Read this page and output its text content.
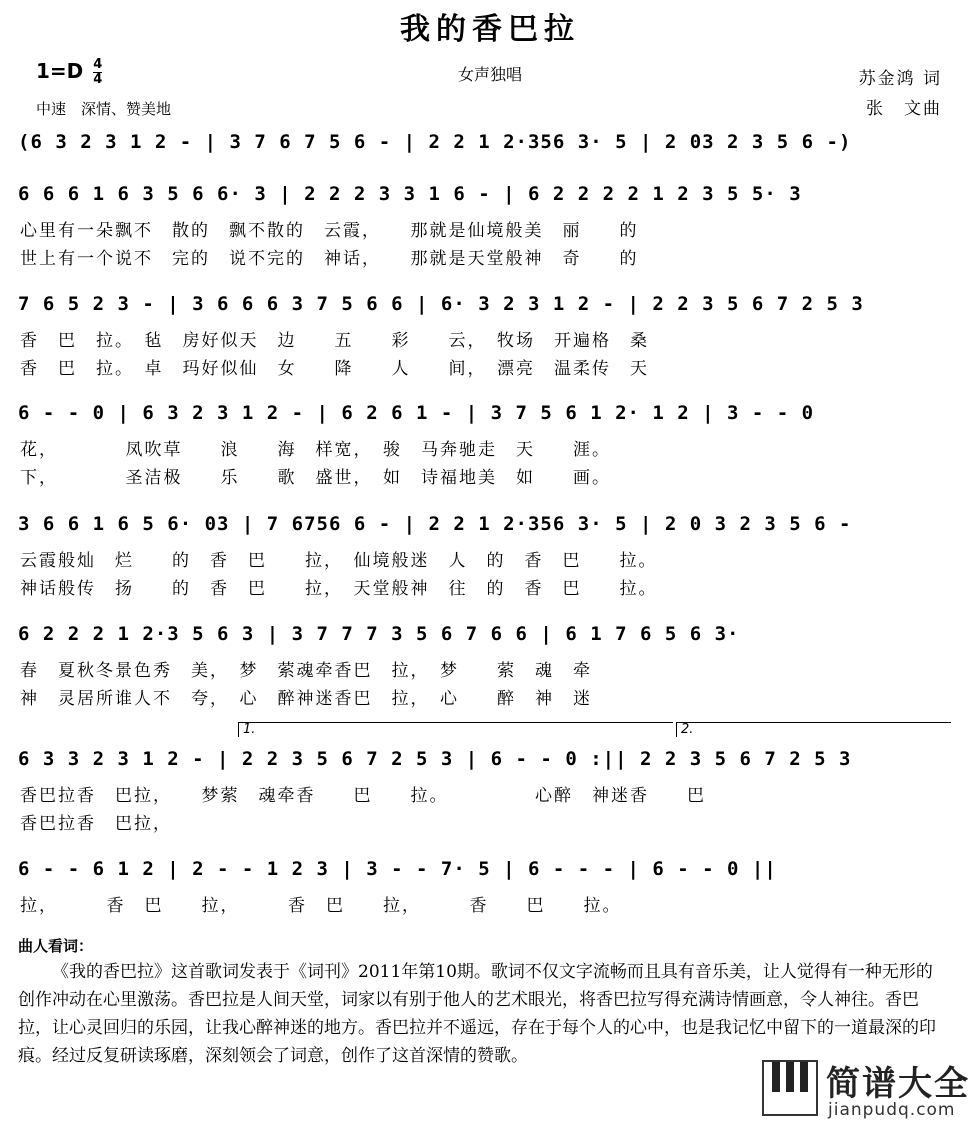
我的香巴拉
$1=D \frac{4}{4}$
中速　深情、赞美地
女声独唱	苏金鸿 词
张　文曲
(6 3 2 3 1 2 - | 3 7 6 7 5 6 - | 2 2 1 2·356 3· 5 | 2 03 2 3 5 6 -)
6 6 6 1 6 3 5 6 6· 3 | 2 2 2 3 3 1 6 - | 6 2 2 2 2 1 2 3 5 5· 3
心里有一朵飘不　散的　飘不散的　云霞，　　那就是仙境般美　丽　　的
世上有一个说不　完的　说不完的　神话，　　那就是天堂般神　奇　　的
7 6 5 2 3 - | 3 6 6 6 3 7 5 6 6 | 6· 3 2 3 1 2 - | 2 2 3 5 6 7 2 5 3
香　巴　拉。　毡　房好似天　边　　五　　彩　　云，　牧场　开遍格　桑
香　巴　拉。　卓　玛好似仙　女　　降　　人　　间，　漂亮　温柔传　天
6 - - 0 | 6 3 2 3 1 2 - | 6 2 6 1 - | 3 7 5 6 1 2· 1 2 | 3 - - 0
花，　　　　凤吹草　　浪　　海　样宽，　骏　马奔驰走　天　　涯。
下，　　　　圣洁极　　乐　　歌　盛世，　如　诗福地美　如　　画。
3 6 6 1 6 5 6· 03 | 7 6756 6 - | 2 2 1 2·356 3· 5 | 2 0 3 2 3 5 6 -
云霞般灿　烂　　的　香　巴　　拉，　仙境般迷　人　的　香　巴　　拉。
神话般传　扬　　的　香　巴　　拉，　天堂般神　往　的　香　巴　　拉。
6 2 2 2 1 2·3 5 6 3 | 3 7 7 7 3 5 6 7 6 6 | 6 1 7 6 5 6 3·
春　夏秋冬景色秀　美，　梦　萦魂牵香巴　拉，　梦　　萦　魂　牵
神　灵居所谁人不　夸，　心　醉神迷香巴　拉，　心　　醉　神　迷
1.	2.
6 3 3 2 3 1 2 - | 2 2 3 5 6 7 2 5 3 | 6 - - 0 :|| 2 2 3 5 6 7 2 5 3
香巴拉香　巴拉，　　梦萦　魂牵香　　巴　　拉。　　　　　心醉　神迷香　　巴
香巴拉香　巴拉，
6 - - 6 1 2 | 2 - - 1 2 3 | 3 - - 7· 5 | 6 - - - | 6 - - 0 ||
拉，　　　香　巴　　拉，　　　香　巴　　拉，　　　香　　巴　　拉。
曲人看词：
《我的香巴拉》这首歌词发表于《词刊》2011年第10期。歌词不仅文字流畅而且具有音乐美，让人觉得有一种无形的创作冲动在心里激荡。香巴拉是人间天堂，词家以有别于他人的艺术眼光，将香巴拉写得充满诗情画意，令人神往。香巴拉，让心灵回归的乐园，让我心醉神迷的地方。香巴拉并不遥远，存在于每个人的心中，也是我记忆中留下的一道最深的印痕。经过反复研读琢磨，深刻领会了词意，创作了这首深情的赞歌。
简谱大全
jianpudq.com
